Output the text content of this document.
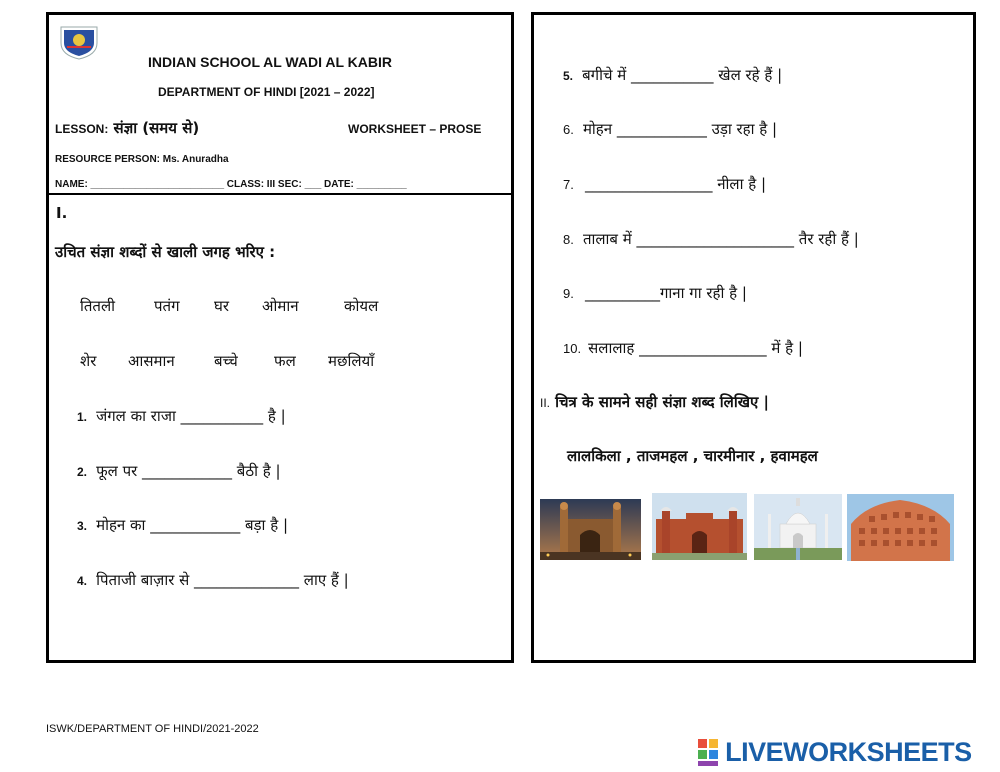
INDIAN SCHOOL AL WADI AL KABIR
DEPARTMENT OF HINDI [2021 – 2022]
LESSON: संज्ञा (समय से)	WORKSHEET – PROSE
RESOURCE PERSON: Ms. Anuradha
NAME: ________________________ CLASS: III SEC: ___ DATE: _________
I.
उचित संज्ञा शब्दों से खाली जगह भरिए :
तितली	पतंग घर ओमान	कोयल
शेर आसमान	बच्चे फल मछलियाँ
1. जंगल का राजा ___________ है |
2. फूल पर ____________ बैठी है |
3. मोहन का ____________ बड़ा है |
4. पिताजी बाज़ार से ______________ लाए हैं |
5. बगीचे में ___________ खेल रहे हैं |
6. मोहन ____________ उड़ा रहा है |
7. _________________ नीला है |
8. तालाब में _____________________ तैर रही हैं |
9. __________गाना गा रही है |
10. सलालाह _________________ में है |
II. चित्र के सामने सही संज्ञा शब्द लिखिए |
लालकिला , ताजमहल , चारमीनार , हवामहल
ISWK/DEPARTMENT OF HINDI/2021-2022
LIVEWORKSHEETS
